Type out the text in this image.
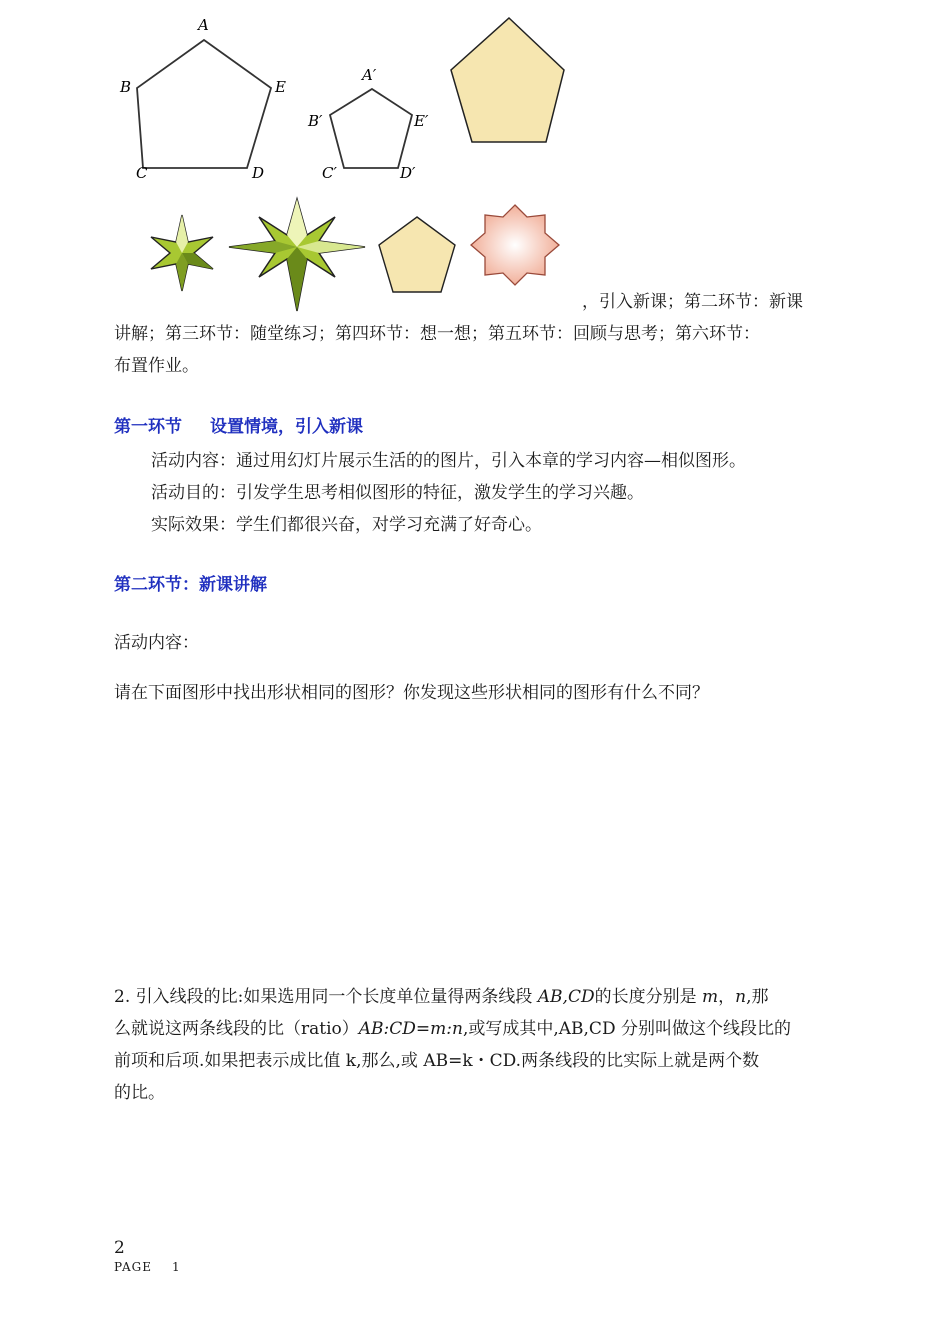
A
B	E
C	D
A′
B′	E′
C′	D′
，引入新课；第二环节：新课
讲解；第三环节：随堂练习；第四环节：想一想；第五环节：回顾与思考；第六环节：
布置作业。
第一环节 设置情境，引入新课
活动内容：通过用幻灯片展示生活的的图片，引入本章的学习内容—相似图形。
活动目的：引发学生思考相似图形的特征，激发学生的学习兴趣。
实际效果：学生们都很兴奋，对学习充满了好奇心。
第二环节：新课讲解
活动内容：
请在下面图形中找出形状相同的图形？你发现这些形状相同的图形有什么不同？
2. 引入线段的比:如果选用同一个长度单位量得两条线段 AB,CD的长度分别是 m，n,那
么就说这两条线段的比（ratio）AB:CD=m:n,或写成其中,AB,CD 分别叫做这个线段比的
前项和后项.如果把表示成比值 k,那么,或 AB=k・CD.两条线段的比实际上就是两个数
的比。
2
PAGE 1
